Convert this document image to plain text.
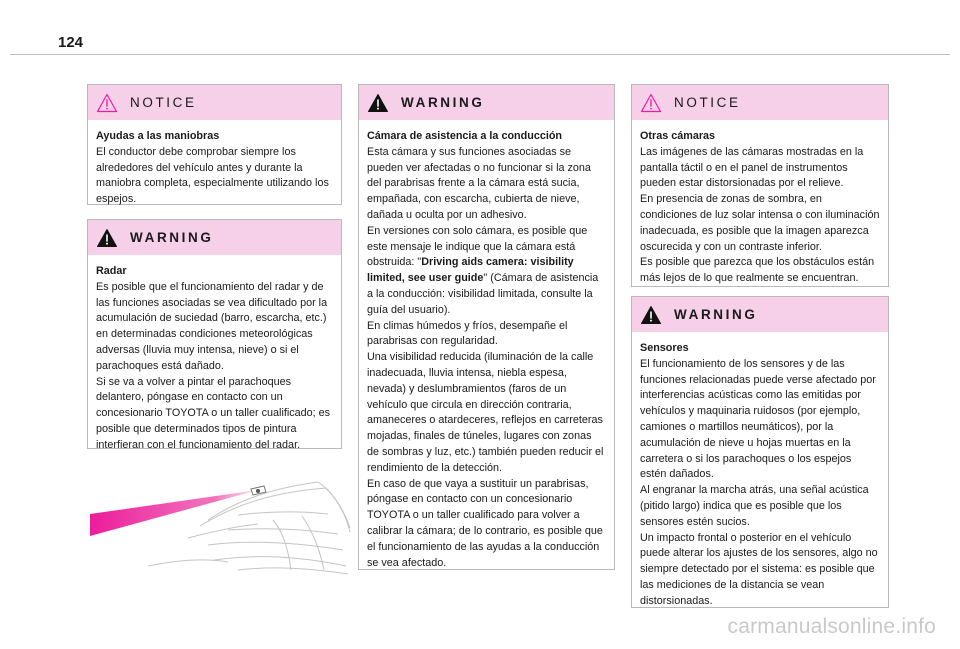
124
NOTICE
Ayudas a las maniobras

El conductor debe comprobar siempre los alrededores del vehículo antes y durante la maniobra completa, especialmente utilizando los espejos.

WARNING
Radar

Es posible que el funcionamiento del radar y de las funciones asociadas se vea dificultado por la acumulación de suciedad (barro, escarcha, etc.) en determinadas condiciones meteorológicas adversas (lluvia muy intensa, nieve) o si el parachoques está dañado.

Si se va a volver a pintar el parachoques delantero, póngase en contacto con un concesionario TOYOTA o un taller cualificado; es posible que determinados tipos de pintura interfieran con el funcionamiento del radar.

WARNING
Cámara de asistencia a la conducción

Esta cámara y sus funciones asociadas se pueden ver afectadas o no funcionar si la zona del parabrisas frente a la cámara está sucia, empañada, con escarcha, cubierta de nieve, dañada u oculta por un adhesivo.

En versiones con solo cámara, es posible que este mensaje le indique que la cámara está obstruida: "Driving aids camera: visibility limited, see user guide" (Cámara de asistencia a la conducción: visibilidad limitada, consulte la guía del usuario).

En climas húmedos y fríos, desempañe el parabrisas con regularidad.

Una visibilidad reducida (iluminación de la calle inadecuada, lluvia intensa, niebla espesa, nevada) y deslumbramientos (faros de un vehículo que circula en dirección contraria, amaneceres o atardeceres, reflejos en carreteras mojadas, finales de túneles, lugares con zonas de sombras y luz, etc.) también pueden reducir el rendimiento de la detección.

En caso de que vaya a sustituir un parabrisas, póngase en contacto con un concesionario TOYOTA o un taller cualificado para volver a calibrar la cámara; de lo contrario, es posible que el funcionamiento de las ayudas a la conducción se vea afectado.

NOTICE
Otras cámaras

Las imágenes de las cámaras mostradas en la pantalla táctil o en el panel de instrumentos pueden estar distorsionadas por el relieve.

En presencia de zonas de sombra, en condiciones de luz solar intensa o con iluminación inadecuada, es posible que la imagen aparezca oscurecida y con un contraste inferior.

Es posible que parezca que los obstáculos están más lejos de lo que realmente se encuentran.

WARNING
Sensores

El funcionamiento de los sensores y de las funciones relacionadas puede verse afectado por interferencias acústicas como las emitidas por vehículos y maquinaria ruidosos (por ejemplo, camiones o martillos neumáticos), por la acumulación de nieve u hojas muertas en la carretera o si los parachoques o los espejos estén dañados.

Al engranar la marcha atrás, una señal acústica (pitido largo) indica que es posible que los sensores estén sucios.

Un impacto frontal o posterior en el vehículo puede alterar los ajustes de los sensores, algo no siempre detectado por el sistema: es posible que las mediciones de la distancia se vean distorsionadas.

carmanualsonline.info
